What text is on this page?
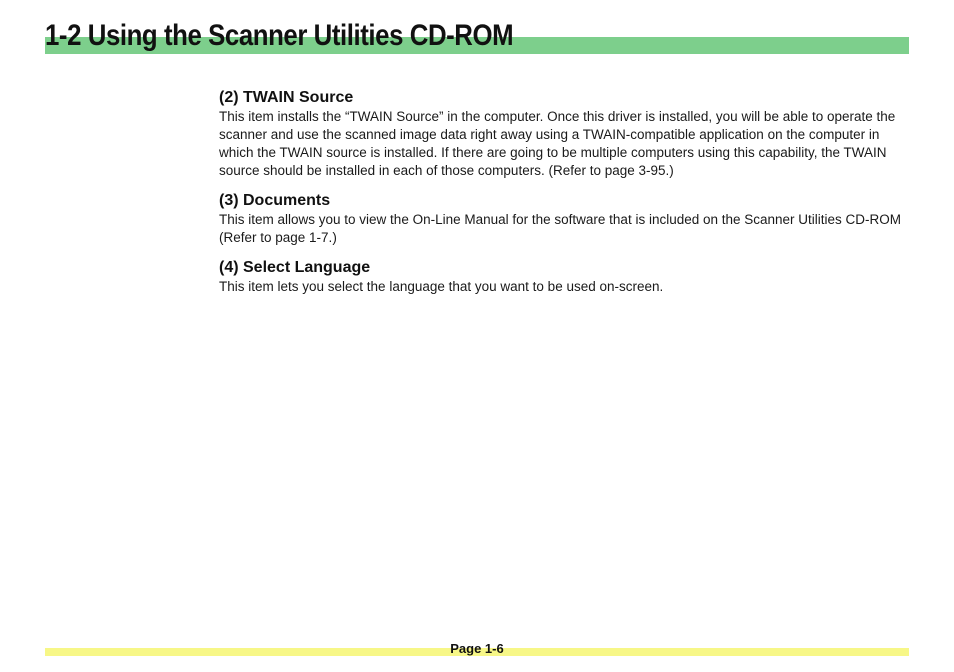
1-2 Using the Scanner Utilities CD-ROM
(2) TWAIN Source

This item installs the “TWAIN Source” in the computer. Once this driver is installed, you will be able to operate the scanner and use the scanned image data right away using a TWAIN-compatible application on the computer in which the TWAIN source is installed. If there are going to be multiple computers using this capability, the TWAIN source should be installed in each of those computers. (Refer to page 3-95.)

(3) Documents

This item allows you to view the On-Line Manual for the software that is included on the Scanner Utilities CD-ROM (Refer to page 1-7.)

(4) Select Language

This item lets you select the language that you want to be used on-screen.

Page 1-6
